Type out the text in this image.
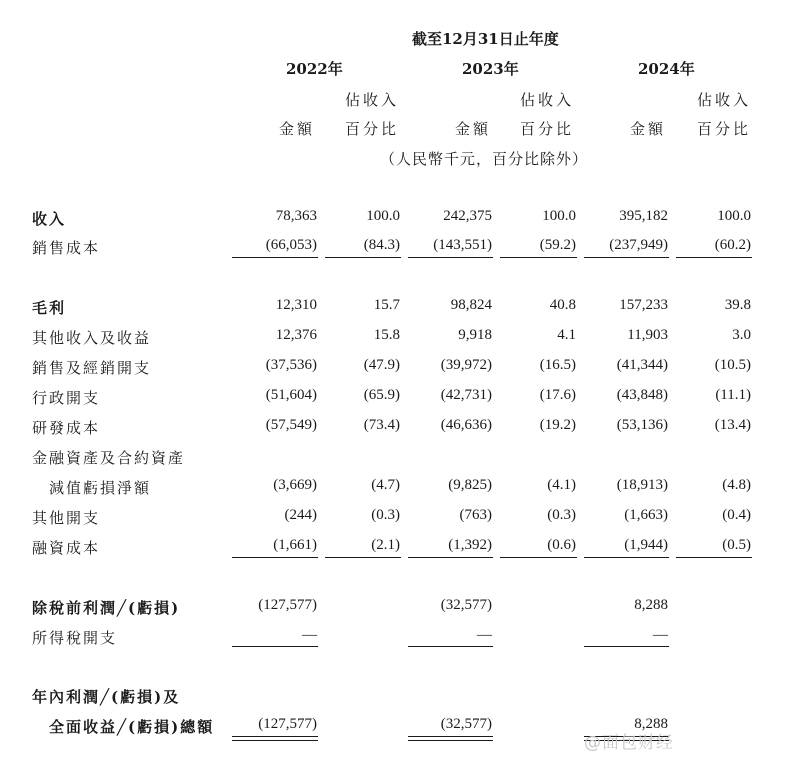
截至12月31日止年度
2022年	2023年	2024年
佔收入	佔收入	佔收入
金額 百分比	金額 百分比	金額 百分比
（人民幣千元，百分比除外）
收入	78,363	100.0	242,375	100.0	395,182	100.0
銷售成本	(66,053)	(84.3)	(143,551)	(59.2)	(237,949)	(60.2)
毛利	12,310	15.7	98,824	40.8	157,233	39.8
其他收入及收益	12,376	15.8	9,918	4.1	11,903	3.0
銷售及經銷開支	(37,536)	(47.9)	(39,972)	(16.5)	(41,344)	(10.5)
行政開支	(51,604)	(65.9)	(42,731)	(17.6)	(43,848)	(11.1)
研發成本	(57,549)	(73.4)	(46,636)	(19.2)	(53,136)	(13.4)
金融資產及合約資產
減值虧損淨額	(3,669)	(4.7)	(9,825)	(4.1)	(18,913)	(4.8)
其他開支	(244)	(0.3)	(763)	(0.3)	(1,663)	(0.4)
融資成本	(1,661)	(2.1)	(1,392)	(0.6)	(1,944)	(0.5)
除稅前利潤╱(虧損)	(127,577)	(32,577)	8,288
所得稅開支	—	—	—
年內利潤╱(虧損)及
全面收益╱(虧損)總額	(127,577)	(32,577)	8,288
@面包财经
